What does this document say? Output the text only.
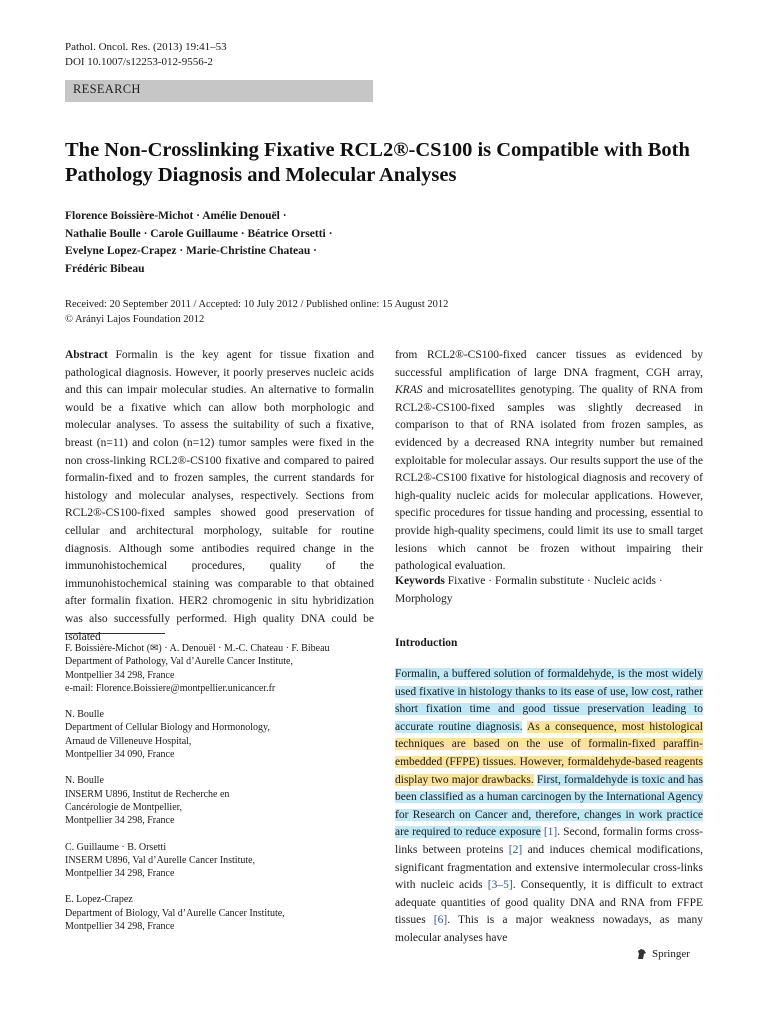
Pathol. Oncol. Res. (2013) 19:41–53
DOI 10.1007/s12253-012-9556-2
RESEARCH
The Non-Crosslinking Fixative RCL2®-CS100 is Compatible with Both Pathology Diagnosis and Molecular Analyses
Florence Boissière-Michot · Amélie Denouël ·
Nathalie Boulle · Carole Guillaume · Béatrice Orsetti ·
Evelyne Lopez-Crapez · Marie-Christine Chateau ·
Frédéric Bibeau
Received: 20 September 2011 / Accepted: 10 July 2012 / Published online: 15 August 2012
© Arányi Lajos Foundation 2012
Abstract Formalin is the key agent for tissue fixation and pathological diagnosis. However, it poorly preserves nucleic acids and this can impair molecular studies. An alternative to formalin would be a fixative which can allow both morphologic and molecular analyses. To assess the suitability of such a fixative, breast (n=11) and colon (n=12) tumor samples were fixed in the non cross-linking RCL2®-CS100 fixative and compared to paired formalin-fixed and to frozen samples, the current standards for histology and molecular analyses, respectively. Sections from RCL2®-CS100-fixed samples showed good preservation of cellular and architectural morphology, suitable for routine diagnosis. Although some antibodies required change in the immunohistochemical procedures, quality of the immunohistochemical staining was comparable to that obtained after formalin fixation. HER2 chromogenic in situ hybridization was also successfully performed. High quality DNA could be isolated
from RCL2®-CS100-fixed cancer tissues as evidenced by successful amplification of large DNA fragment, CGH array, KRAS and microsatellites genotyping. The quality of RNA from RCL2®-CS100-fixed samples was slightly decreased in comparison to that of RNA isolated from frozen samples, as evidenced by a decreased RNA integrity number but remained exploitable for molecular assays. Our results support the use of the RCL2®-CS100 fixative for histological diagnosis and recovery of high-quality nucleic acids for molecular applications. However, specific procedures for tissue handing and processing, essential to provide high-quality specimens, could limit its use to small target lesions which cannot be frozen without impairing their pathological evaluation.
Keywords Fixative · Formalin substitute · Nucleic acids · Morphology

F. Boissière-Michot (✉) · A. Denouël · M.-C. Chateau · F. Bibeau
Department of Pathology, Val d’Aurelle Cancer Institute,
Montpellier 34 298, France
e-mail: Florence.Boissiere@montpellier.unicancer.fr

N. Boulle
Department of Cellular Biology and Hormonology,
Arnaud de Villeneuve Hospital,
Montpellier 34 090, France

N. Boulle
INSERM U896, Institut de Recherche en
Cancérologie de Montpellier,
Montpellier 34 298, France

C. Guillaume · B. Orsetti
INSERM U896, Val d’Aurelle Cancer Institute,
Montpellier 34 298, France

E. Lopez-Crapez
Department of Biology, Val d’Aurelle Cancer Institute,
Montpellier 34 298, France

Introduction
Formalin, a buffered solution of formaldehyde, is the most widely used fixative in histology thanks to its ease of use, low cost, rather short fixation time and good tissue preservation leading to accurate routine diagnosis. As a consequence, most histological techniques are based on the use of formalin-fixed paraffin-embedded (FFPE) tissues. However, formaldehyde-based reagents display two major drawbacks. First, formaldehyde is toxic and has been classified as a human carcinogen by the International Agency for Research on Cancer and, therefore, changes in work practice are required to reduce exposure [1]. Second, formalin forms cross-links between proteins [2] and induces chemical modifications, significant fragmentation and extensive intermolecular cross-links with nucleic acids [3–5]. Consequently, it is difficult to extract adequate quantities of good quality DNA and RNA from FFPE tissues [6]. This is a major weakness nowadays, as many molecular analyses have
Springer
